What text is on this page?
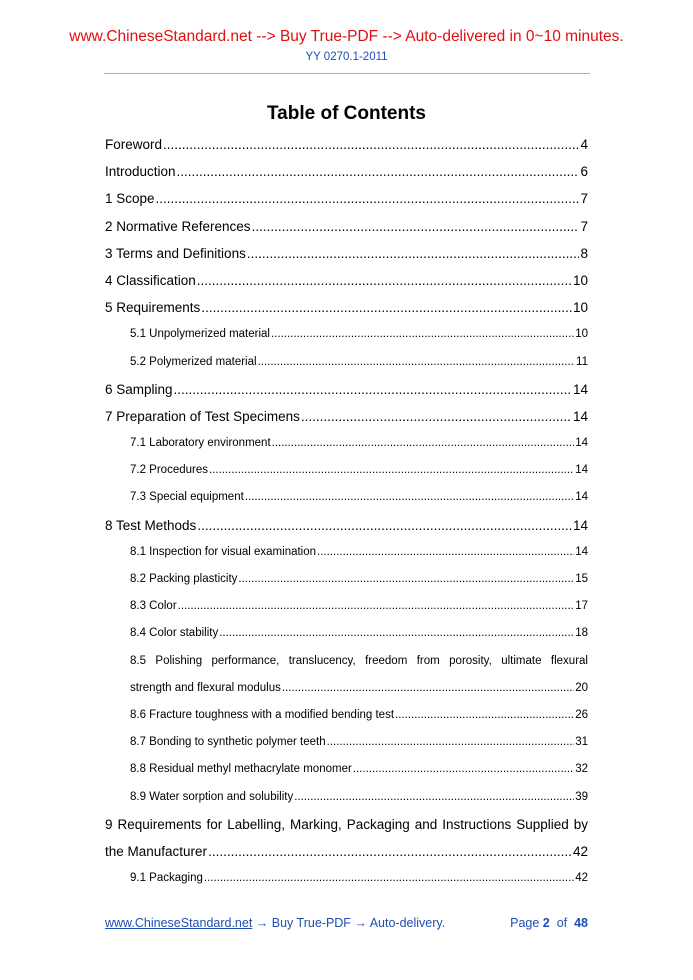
www.ChineseStandard.net --> Buy True-PDF --> Auto-delivered in 0~10 minutes.
YY 0270.1-2011
Table of Contents
Foreword .....	4
Introduction .....	6
1 Scope .....	7
2 Normative References .....	7
3 Terms and Definitions .....	8
4 Classification .....	10
5 Requirements .....	10
5.1 Unpolymerized material .....	10
5.2 Polymerized material .....	11
6 Sampling .....	14
7 Preparation of Test Specimens .....	14
7.1 Laboratory environment .....	14
7.2 Procedures .....	14
7.3 Special equipment .....	14
8 Test Methods .....	14
8.1 Inspection for visual examination .....	14
8.2 Packing plasticity .....	15
8.3 Color .....	17
8.4 Color stability .....	18
8.5 Polishing performance, translucency, freedom from porosity, ultimate flexural
strength and flexural modulus .....	20
8.6 Fracture toughness with a modified bending test .....	26
8.7 Bonding to synthetic polymer teeth .....	31
8.8 Residual methyl methacrylate monomer .....	32
8.9 Water sorption and solubility .....	39
9 Requirements for Labelling, Marking, Packaging and Instructions Supplied by
the Manufacturer .....	42
9.1 Packaging .....	42
www.ChineseStandard.net → Buy True-PDF → Auto-delivery.	Page 2 of 48
